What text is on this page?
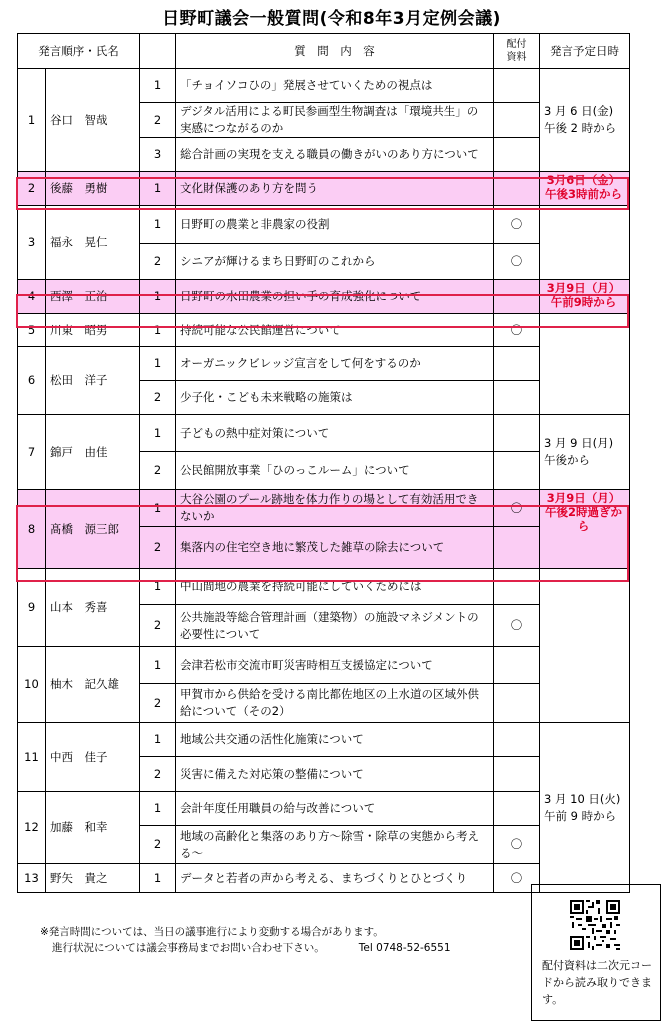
日野町議会一般質問(令和8年3月定例会議)
発言順序・氏名			質　問　内　容	配付
資料	発言予定日時
1	谷口　智哉	1	「チョイソコひの」発展させていくための視点は		3 月 6 日(金)
午後 2 時から

		2	デジタル活用による町民参画型生物調査は「環境共生」の実感につながるのか		
		3	総合計画の実現を支える職員の働きがいのあり方について		
2	後藤　勇樹	1	文化財保護のあり方を問う		3月6日（金）
午後3時前から

3	福永　晃仁	1	日野町の農業と非農家の役割	〇	
		2	シニアが輝けるまち日野町のこれから	〇	
4	西澤　正治	1	日野町の水田農業の担い手の育成強化について		3月9日（月）
午前9時から

5	川東　昭男	1	持続可能な公民館運営について	〇	
6	松田　洋子	1	オーガニックビレッジ宣言をして何をするのか		
		2	少子化・こども未来戦略の施策は		
7	錦戸　由佳	1	子どもの熱中症対策について		3 月 9 日(月)
午後から

		2	公民館開放事業「ひのっこルーム」について		
8	髙橋　源三郎	1	大谷公園のプール跡地を体力作りの場として有効活用できないか	〇	3月9日（月）
午後2時過ぎから

		2	集落内の住宅空き地に繁茂した雑草の除去について		
9	山本　秀喜	1	中山間地の農業を持続可能にしていくためには		
		2	公共施設等総合管理計画（建築物）の施設マネジメントの必要性について	〇	
10	柚木　記久雄	1	会津若松市交流市町災害時相互支援協定について		
		2	甲賀市から供給を受ける南比都佐地区の上水道の区域外供給について（その2）		
11	中西　佳子	1	地域公共交通の活性化施策について		3 月 10 日(火)
午前 9 時から

		2	災害に備えた対応策の整備について		
12	加藤　和幸	1	会計年度任用職員の給与改善について		
		2	地域の高齢化と集落のあり方～除雪・除草の実態から考える～	〇	
13	野矢　貴之	1	データと若者の声から考える、まちづくりとひとづくり	〇	
※発言時間については、当日の議事進行により変動する場合があります。
進行状況については議会事務局までお問い合わせ下さい。	Tel 0748-52-6551
配付資料は二次元コードから読み取りできます。
